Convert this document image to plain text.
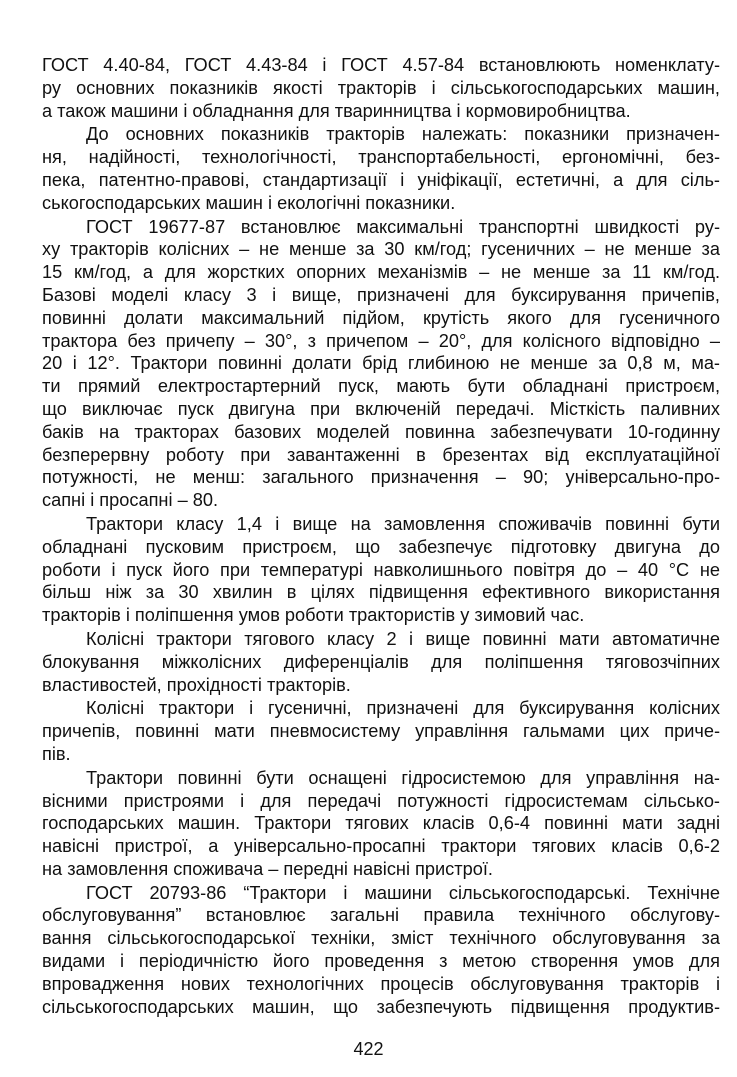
ГОСТ 4.40-84, ГОСТ 4.43-84 і ГОСТ 4.57-84 встановлюють номенклату-
ру основних показників якості тракторів і сільськогосподарських машин,
а також машини і обладнання для тваринництва і кормовиробництва.
До основних показників тракторів належать: показники призначен-
ня, надійності, технологічності, транспортабельності, ергономічні, без-
пека, патентно-правові, стандартизації і уніфікації, естетичні, а для сіль-
ськогосподарських машин і екологічні показники.
ГОСТ 19677-87 встановлює максимальні транспортні швидкості ру-
ху тракторів колісних – не менше за 30 км/год; гусеничних – не менше за
15 км/год, а для жорстких опорних механізмів – не менше за 11 км/год.
Базові моделі класу 3 і вище, призначені для буксирування причепів,
повинні долати максимальний підйом, крутість якого для гусеничного
трактора без причепу – 30°, з причепом – 20°, для колісного відповідно –
20 і 12°. Трактори повинні долати брід глибиною не менше за 0,8 м, ма-
ти прямий електростартерний пуск, мають бути обладнані пристроєм,
що виключає пуск двигуна при включеній передачі. Місткість паливних
баків на тракторах базових моделей повинна забезпечувати 10-годинну
безперервну роботу при завантаженні в брезентах від експлуатаційної
потужності, не менш: загального призначення – 90; універсально-про-
сапні і просапні – 80.
Трактори класу 1,4 і вище на замовлення споживачів повинні бути
обладнані пусковим пристроєм, що забезпечує підготовку двигуна до
роботи і пуск його при температурі навколишнього повітря до – 40 °С не
більш ніж за 30 хвилин в цілях підвищення ефективного використання
тракторів і поліпшення умов роботи трактористів у зимовий час.
Колісні трактори тягового класу 2 і вище повинні мати автоматичне
блокування міжколісних диференціалів для поліпшення тяговозчіпних
властивостей, прохідності тракторів.
Колісні трактори і гусеничні, призначені для буксирування колісних
причепів, повинні мати пневмосистему управління гальмами цих приче-
пів.
Трактори повинні бути оснащені гідросистемою для управління на-
вісними пристроями і для передачі потужності гідросистемам сільсько-
господарських машин. Трактори тягових класів 0,6-4 повинні мати задні
навісні пристрої, а універсально-просапні трактори тягових класів 0,6-2
на замовлення споживача – передні навісні пристрої.
ГОСТ 20793-86 “Трактори і машини сільськогосподарські. Технічне
обслуговування” встановлює загальні правила технічного обслугову-
вання сільськогосподарської техніки, зміст технічного обслуговування за
видами і періодичністю його проведення з метою створення умов для
впровадження нових технологічних процесів обслуговування тракторів і
сільськогосподарських машин, що забезпечують підвищення продуктив-
422
